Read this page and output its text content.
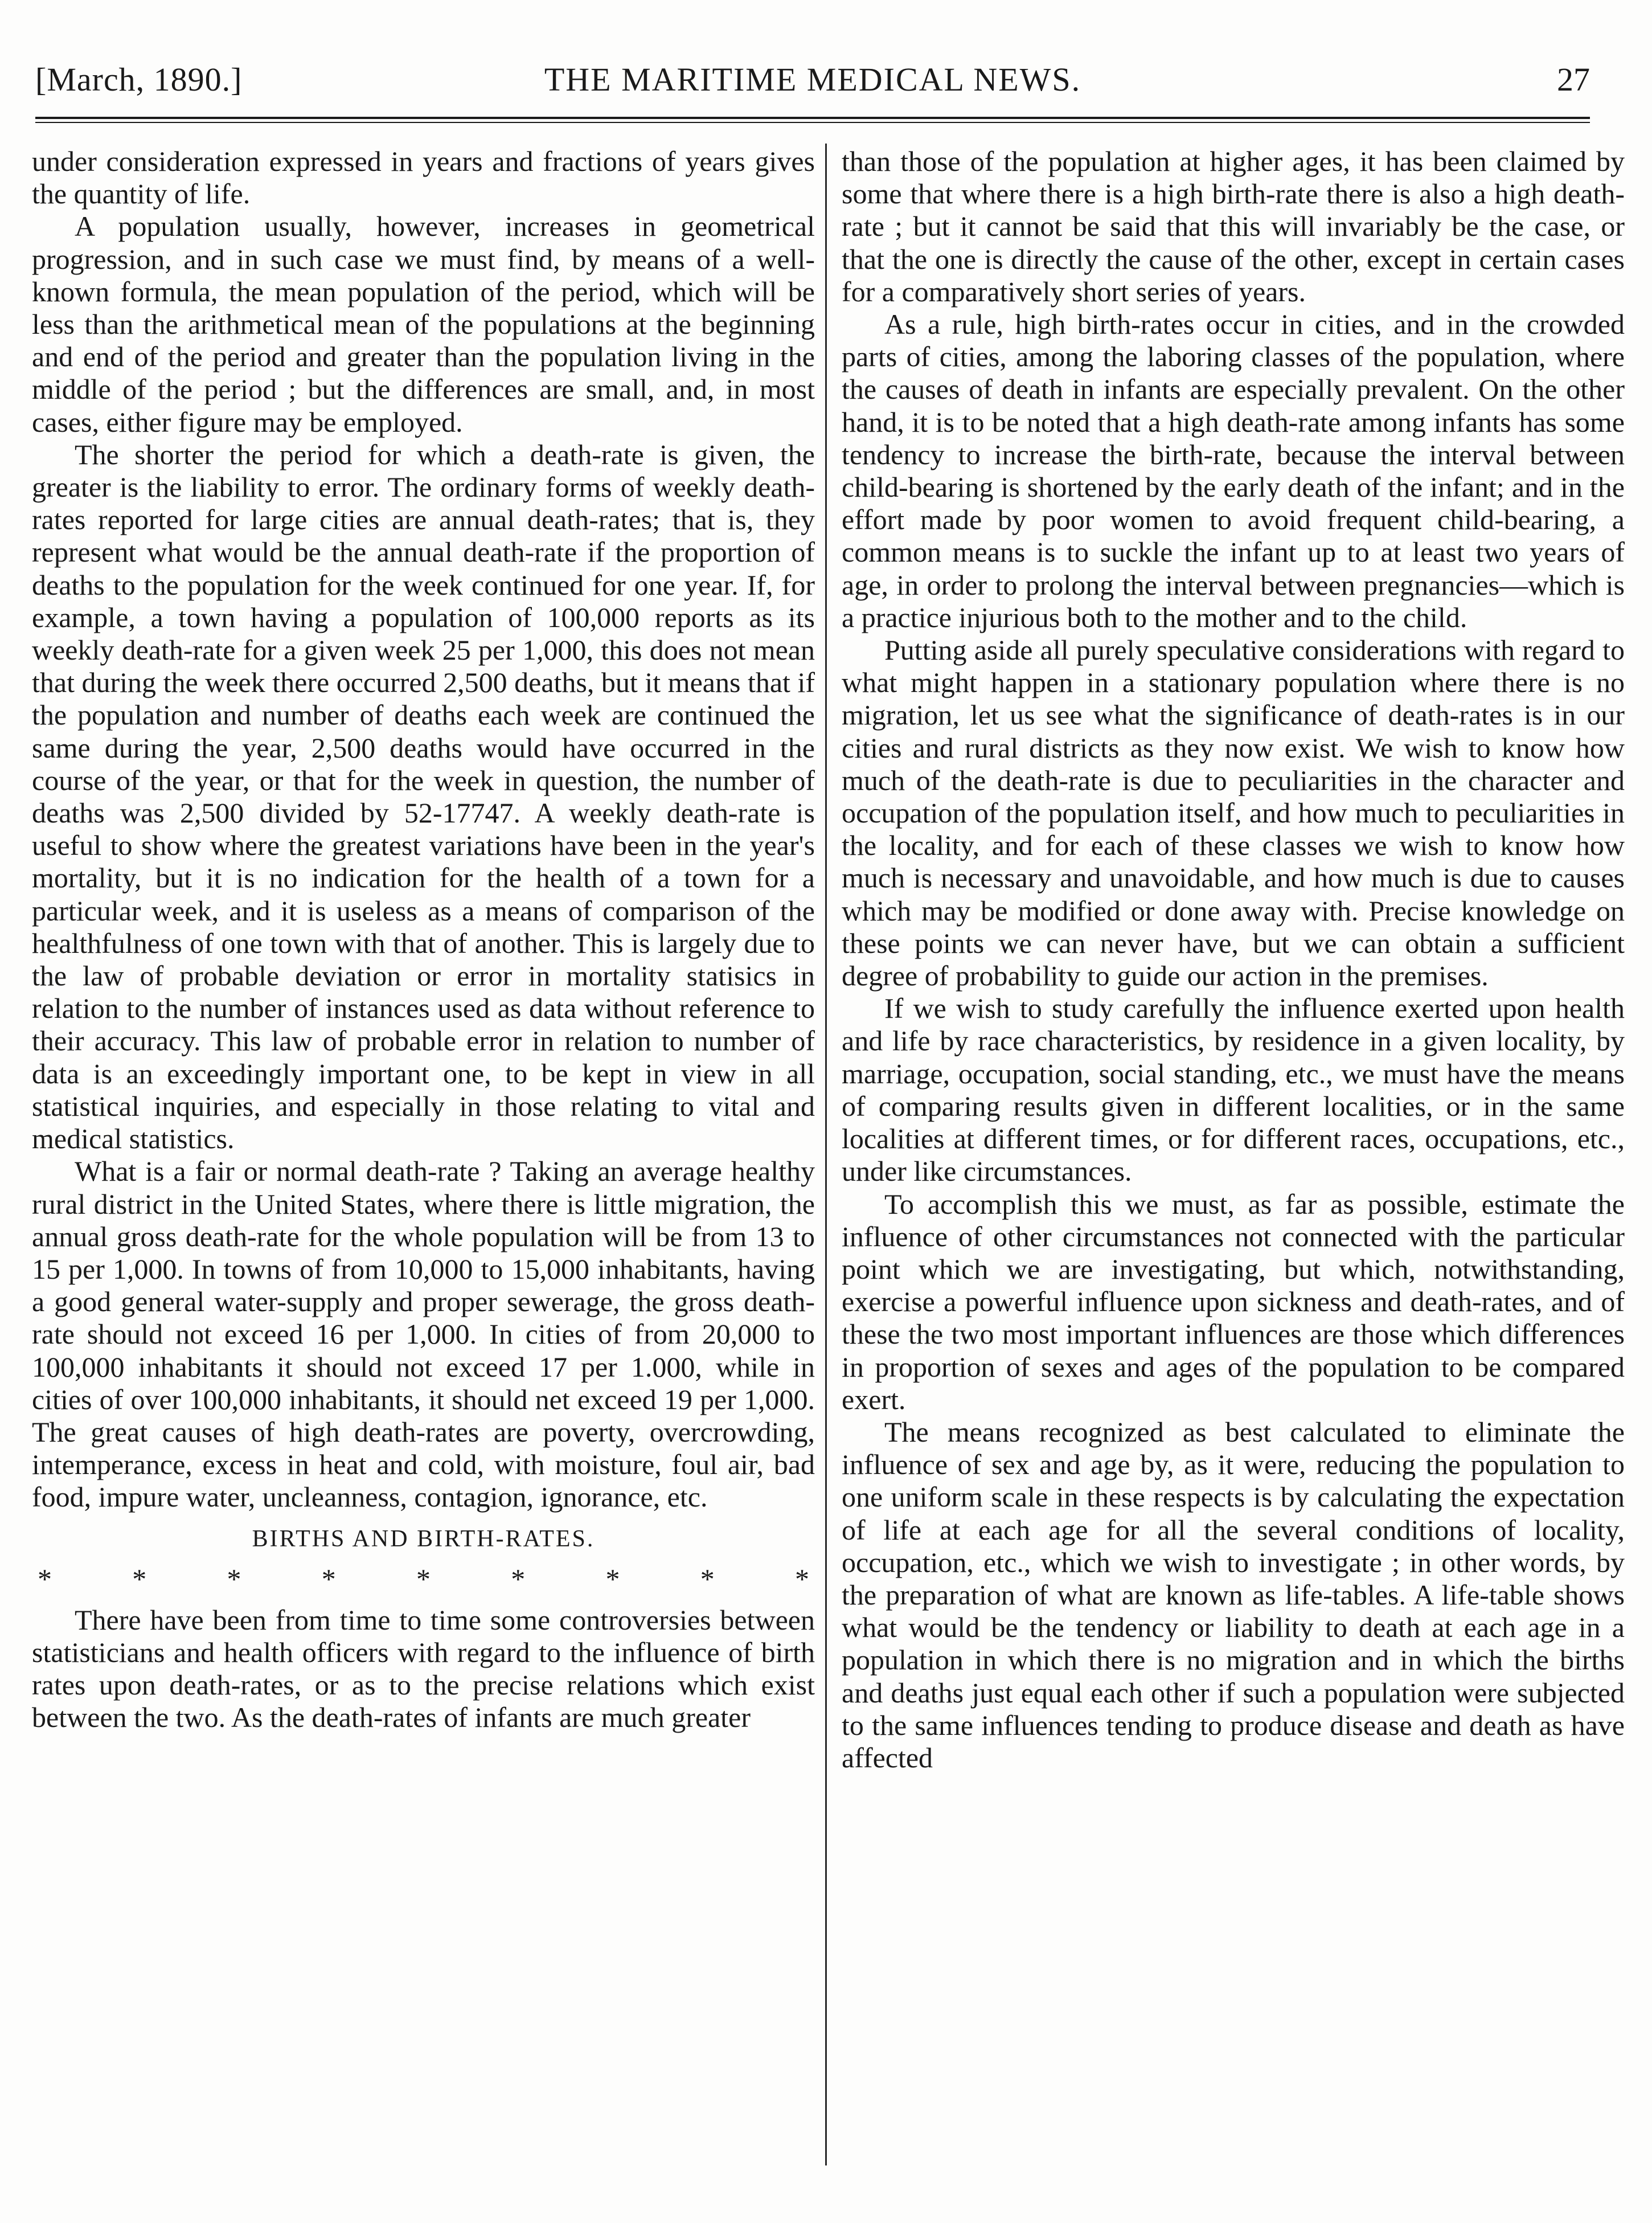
[March, 1890.]	THE MARITIME MEDICAL NEWS.	27

under consideration expressed in years and fractions of years gives the quantity of life.

A population usually, however, increases in geometrical progression, and in such case we must find, by means of a well-known formula, the mean population of the period, which will be less than the arithmetical mean of the populations at the beginning and end of the period and greater than the population living in the middle of the period ; but the differences are small, and, in most cases, either figure may be employed.

The shorter the period for which a death-rate is given, the greater is the liability to error. The ordinary forms of weekly death-rates reported for large cities are annual death-rates; that is, they represent what would be the annual death-rate if the proportion of deaths to the population for the week continued for one year. If, for example, a town having a population of 100,000 reports as its weekly death-rate for a given week 25 per 1,000, this does not mean that during the week there occurred 2,500 deaths, but it means that if the population and number of deaths each week are continued the same during the year, 2,500 deaths would have occurred in the course of the year, or that for the week in question, the number of deaths was 2,500 divided by 52-17747. A weekly death-rate is useful to show where the greatest variations have been in the year's mortality, but it is no indication for the health of a town for a particular week, and it is useless as a means of comparison of the healthfulness of one town with that of another. This is largely due to the law of probable deviation or error in mortality statisics in relation to the number of instances used as data without reference to their accuracy. This law of probable error in relation to number of data is an exceedingly important one, to be kept in view in all statistical inquiries, and especially in those relating to vital and medical statistics.

What is a fair or normal death-rate ? Taking an average healthy rural district in the United States, where there is little migration, the annual gross death-rate for the whole population will be from 13 to 15 per 1,000. In towns of from 10,000 to 15,000 inhabitants, having a good general water-supply and proper sewerage, the gross death-rate should not exceed 16 per 1,000. In cities of from 20,000 to 100,000 inhabitants it should not exceed 17 per 1.000, while in cities of over 100,000 inhabitants, it should net exceed 19 per 1,000. The great causes of high death-rates are poverty, overcrowding, intemperance, excess in heat and cold, with moisture, foul air, bad food, impure water, uncleanness, contagion, ignorance, etc.

BIRTHS AND BIRTH-RATES.
*	*	*	*	*	*	*	*	*

There have been from time to time some controversies between statisticians and health officers with regard to the influence of birth rates upon death-rates, or as to the precise relations which exist between the two. As the death-rates of infants are much greater

than those of the population at higher ages, it has been claimed by some that where there is a high birth-rate there is also a high death-rate ; but it cannot be said that this will invariably be the case, or that the one is directly the cause of the other, except in certain cases for a comparatively short series of years.

As a rule, high birth-rates occur in cities, and in the crowded parts of cities, among the laboring classes of the population, where the causes of death in infants are especially prevalent. On the other hand, it is to be noted that a high death-rate among infants has some tendency to increase the birth-rate, because the interval between child-bearing is shortened by the early death of the infant; and in the effort made by poor women to avoid frequent child-bearing, a common means is to suckle the infant up to at least two years of age, in order to prolong the interval between pregnancies—which is a practice injurious both to the mother and to the child.

Putting aside all purely speculative considerations with regard to what might happen in a stationary population where there is no migration, let us see what the significance of death-rates is in our cities and rural districts as they now exist. We wish to know how much of the death-rate is due to peculiarities in the character and occupation of the population itself, and how much to peculiarities in the locality, and for each of these classes we wish to know how much is necessary and unavoidable, and how much is due to causes which may be modified or done away with. Precise knowledge on these points we can never have, but we can obtain a sufficient degree of probability to guide our action in the premises.

If we wish to study carefully the influence exerted upon health and life by race characteristics, by residence in a given locality, by marriage, occupation, social standing, etc., we must have the means of comparing results given in different localities, or in the same localities at different times, or for different races, occupations, etc., under like circumstances.

To accomplish this we must, as far as possible, estimate the influence of other circumstances not connected with the particular point which we are investigating, but which, notwithstanding, exercise a powerful influence upon sickness and death-rates, and of these the two most important influences are those which differences in proportion of sexes and ages of the population to be compared exert.

The means recognized as best calculated to eliminate the influence of sex and age by, as it were, reducing the population to one uniform scale in these respects is by calculating the expectation of life at each age for all the several conditions of locality, occupation, etc., which we wish to investigate ; in other words, by the preparation of what are known as life-tables. A life-table shows what would be the tendency or liability to death at each age in a population in which there is no migration and in which the births and deaths just equal each other if such a population were subjected to the same influences tending to produce disease and death as have affected
